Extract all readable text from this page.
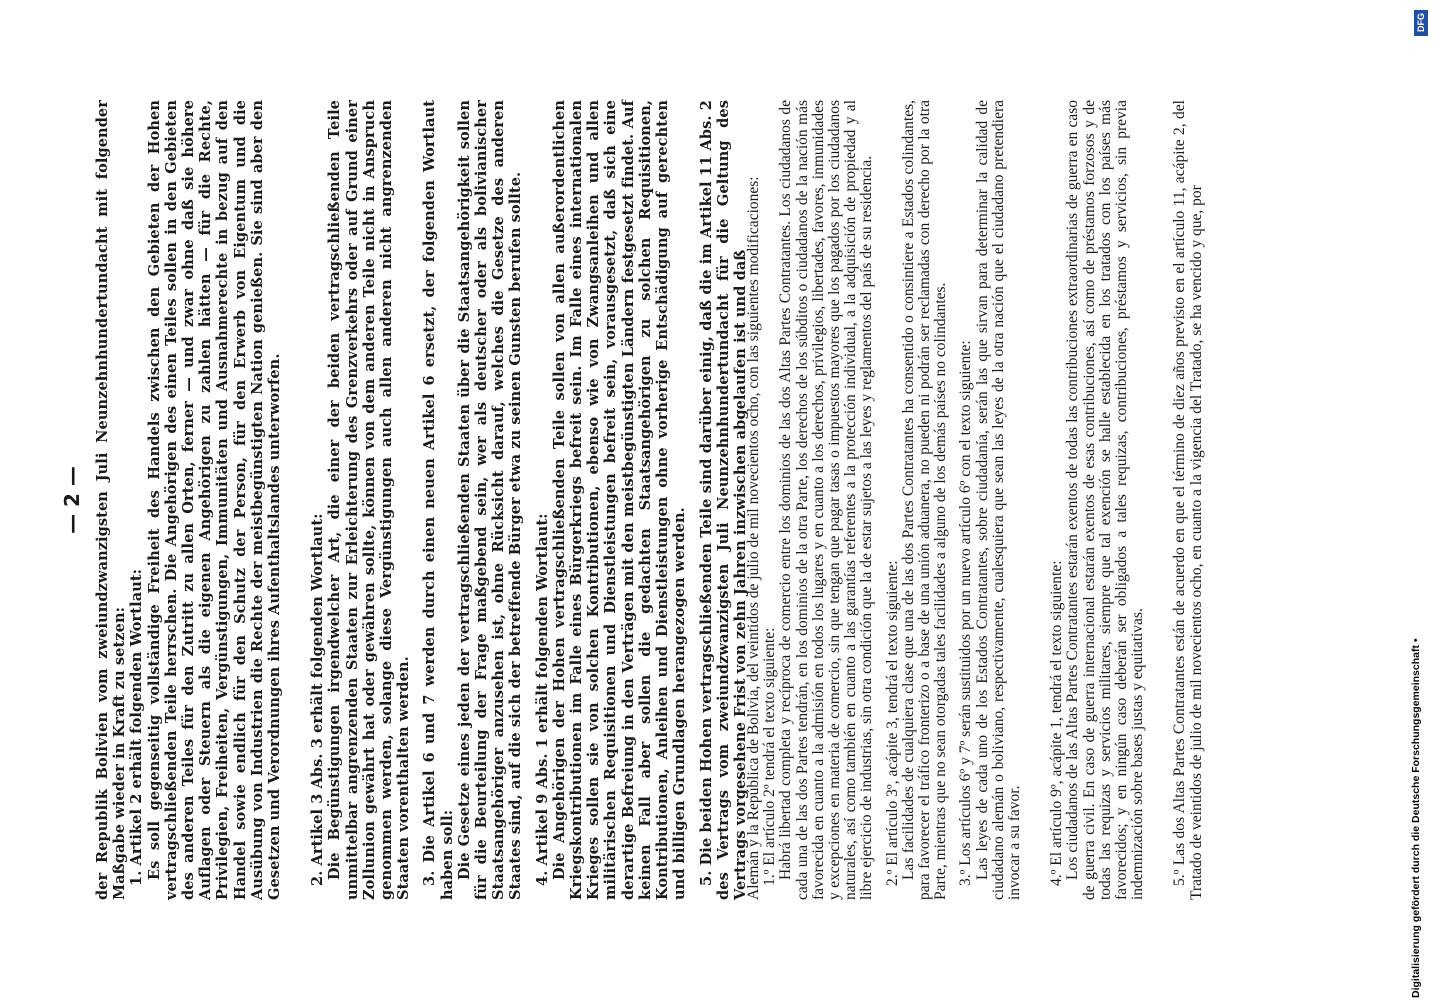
— 2 — der Republik Bolivien vom zweiundzwanzigsten Juli Neunzehnhundertundacht mit folgender Maßgabe wieder in Kraft zu setzen: 1. Artikel 2 erhält folgenden Wortlaut: Es soll gegenseitig vollständige Freiheit des Handels zwischen den Gebieten der Hohen vertragschließenden Teile herrschen. Die Angehörigen des einen Teiles sollen in den Gebieten des anderen Teiles für den Zutritt zu allen Orten, ferner — und zwar ohne daß sie höhere Auflagen oder Steuern als die eigenen Angehörigen zu zahlen hätten — für die Rechte, Privilegien, Freiheiten, Vergünstigungen, Immunitäten und Ausnahmerechte in bezug auf den Handel sowie endlich für den Schutz der Person, für den Erwerb von Eigentum und die Ausübung von Industrien die Rechte der meistbegünstigten Nation genießen. Sie sind aber den Gesetzen und Verordnungen ihres Aufenthaltslandes unterworfen. 2. Artikel 3 Abs. 3 erhält folgenden Wortlaut: Die Begünstigungen irgendwelcher Art, die einer der beiden vertragschließenden Teile unmittelbar angrenzenden Staaten zur Erleichterung des Grenzverkehrs oder auf Grund einer Zollunion gewährt hat oder gewähren sollte, können von dem anderen Teile nicht in Anspruch genommen werden, solange diese Vergünstigungen auch allen anderen nicht angrenzenden Staaten vorenthalten werden. 3. Die Artikel 6 und 7 werden durch einen neuen Artikel 6 ersetzt, der folgenden Wortlaut haben soll: Die Gesetze eines jeden der vertragschließenden Staaten über die Staatsangehörigkeit sollen für die Beurteilung der Frage maßgebend sein, wer als deutscher oder als bolivianischer Staatsangehöriger anzusehen ist, ohne Rücksicht darauf, welches die Gesetze des anderen Staates sind, auf die sich der betreffende Bürger etwa zu seinen Gunsten berufen sollte. 4. Artikel 9 Abs. 1 erhält folgenden Wortlaut: Die Angehörigen der Hohen vertragschließenden Teile sollen von allen außerordentlichen Kriegskontributionen im Falle eines Bürgerkriegs befreit sein. Im Falle eines internationalen Krieges sollen sie von solchen Kontributionen, ebenso wie von Zwangsanleihen und allen militärischen Requisitionen und Dienstleistungen befreit sein, vorausgesetzt, daß sich eine derartige Befreiung in den Verträgen mit den meistbegünstigten Ländern festgesetzt findet. Auf keinen Fall aber sollen die gedachten Staatsangehörigen zu solchen Requisitionen, Kontributionen, Anleihen und Dienstleistungen ohne vorherige Entschädigung auf gerechten und billigen Grundlagen herangezogen werden. 5. Die beiden Hohen vertragschließenden Teile sind darüber einig, daß die im Artikel 11 Abs. 2 des Vertrags vom zweiundzwanzigsten Juli Neunzehnhundertundacht für die Geltung des Vertrags vorgesehene Frist von zehn Jahren inzwischen abgelaufen ist und daß
Alemán y la República de Bolivia, del veintidos de julio de mil novecientos ocho, con las siguientes modificaciones: 1.º El artículo 2º tendrá el texto siguiente: Habrá libertad completa y recíproca de comercio entre los dominios de las dos Altas Partes Contratantes. Los ciudadanos de cada una de las dos Partes tendrán, en los dominios de la otra Parte, los derechos de los súbditos o ciudadanos de la nación más favorecida en cuanto a la admisión en todos los lugares y en cuanto a los derechos, privilegios, libertades, favores, inmunidades y excepciones en materia de comercio, sin que tengan que pagar tasas o impuestos mayores que los pagados por los ciudadanos naturales, así como también en cuanto a las garantías referentes a la protección individual, a la adquisición de propiedad y al libre ejercicio de industrias, sin otra condición que la de estar sujetos a las leyes y reglamentos del país de su residencia. 2.º El artículo 3º, acápite 3, tendrá el texto siguiente: Las facilidades de cualquiera clase que una de las dos Partes Contratantes ha consentido o consintiere a Estados colindantes, para favorecer el tráfico fronterizo o a base de una unión aduanera, no pueden ni podrán ser reclamadas con derecho por la otra Parte, mientras que no sean otorgadas tales facilidades a alguno de los demás países no colindantes. 3.º Los artículos 6º y 7º serán sustituidos por un nuevo artículo 6º con el texto siguiente: Las leyes de cada uno de los Estados Contratantes, sobre ciudadanía, serán las que sirvan para determinar la calidad de ciudadano alemán o boliviano, respectivamente, cualesquiera que sean las leyes de la otra nación que el ciudadano pretendiera invocar a su favor. 4.º El artículo 9º, acápite 1, tendrá el texto siguiente: Los ciudadanos de las Altas Partes Contratantes estarán exentos de todas las contribuciones extraordinarias de guerra en caso de guerra civil. En caso de guerra internacional estarán exentos de esas contribuciones, así como de préstamos forzosos y de todas las requizas y servicios militares, siempre que tal exención se halle establecida en los tratados con los países más favorecidos; y en ningún caso deberán ser obligados a tales requizas, contribuciones, préstamos y servicios, sin previa indemnización sobre bases justas y equitativas. 5.º Las dos Altas Partes Contratantes están de acuerdo en que el término de diez años previsto en el artículo 11, acápite 2, del Tratado de veintidos de julio de mil novecientos ocho, en cuanto a la vigencia del Tratado, se ha vencido y que, por	Digitalisierung gefördert durch die Deutsche Forschungsgemeinschaft •
DFG
